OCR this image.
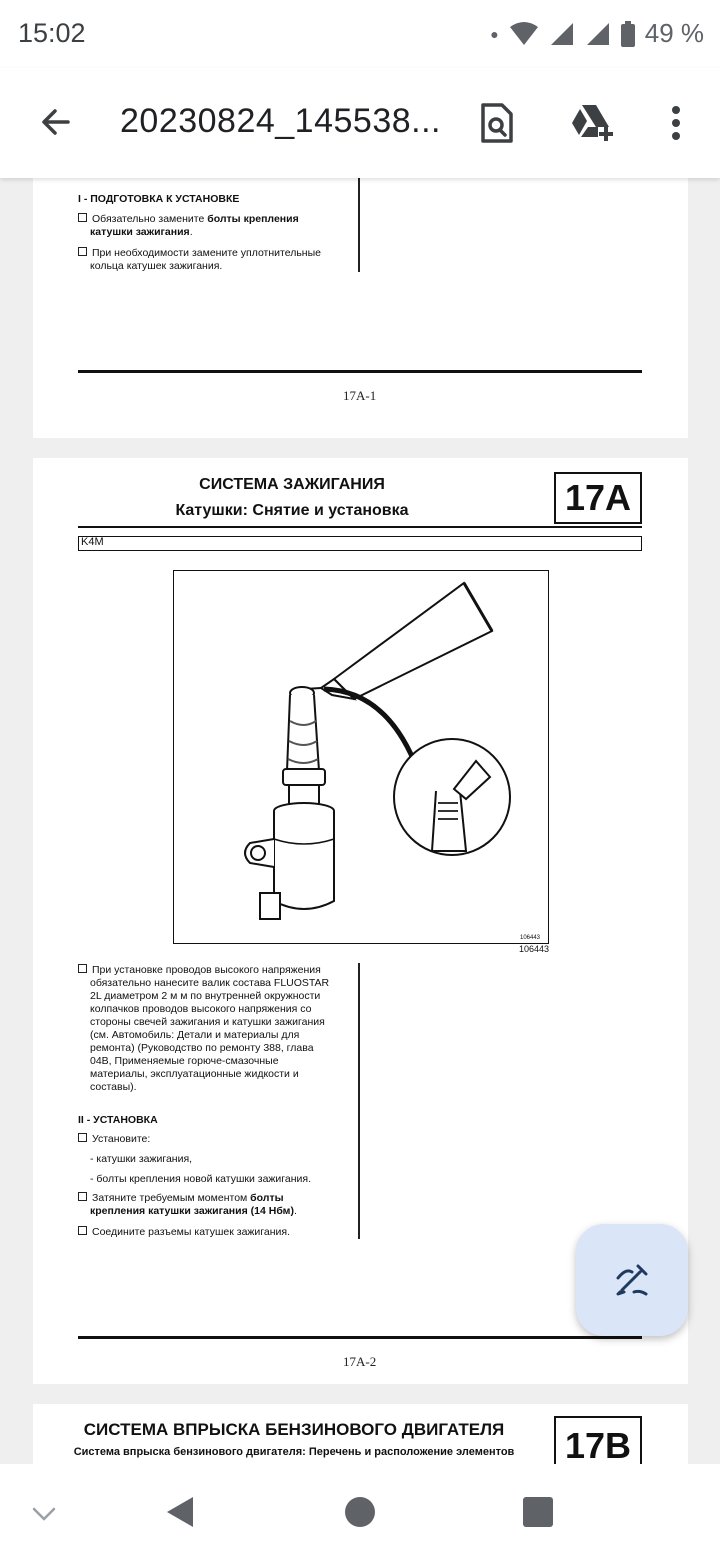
15:02	●	49 %
20230824_145538...
I - ПОДГОТОВКА К УСТАНОВКЕ
Обязательно замените болты крепления
катушки зажигания.
При необходимости замените уплотнительные
кольца катушек зажигания.
17A-1
СИСТЕМА ЗАЖИГАНИЯ
Катушки: Снятие и установка	17A
K4M
106443
106443
При установке проводов высокого напряжения
обязательно нанесите валик состава FLUOSTAR
2L диаметром 2 м м по внутренней окружности
колпачков проводов высокого напряжения со
стороны свечей зажигания и катушки зажигания
(см. Автомобиль: Детали и материалы для
ремонта) (Руководство по ремонту 388, глава
04B, Применяемые горюче-смазочные
материалы, эксплуатационные жидкости и
составы).
II - УСТАНОВКА
Установите:
- катушки зажигания,
- болты крепления новой катушки зажигания.
Затяните требуемым моментом болты
крепления катушки зажигания (14 Нбм).
Соедините разъемы катушек зажигания.
17A-2
СИСТЕМА ВПРЫСКА БЕНЗИНОВОГО ДВИГАТЕЛЯ
Система впрыска бензинового двигателя: Перечень и расположение элементов	17B
